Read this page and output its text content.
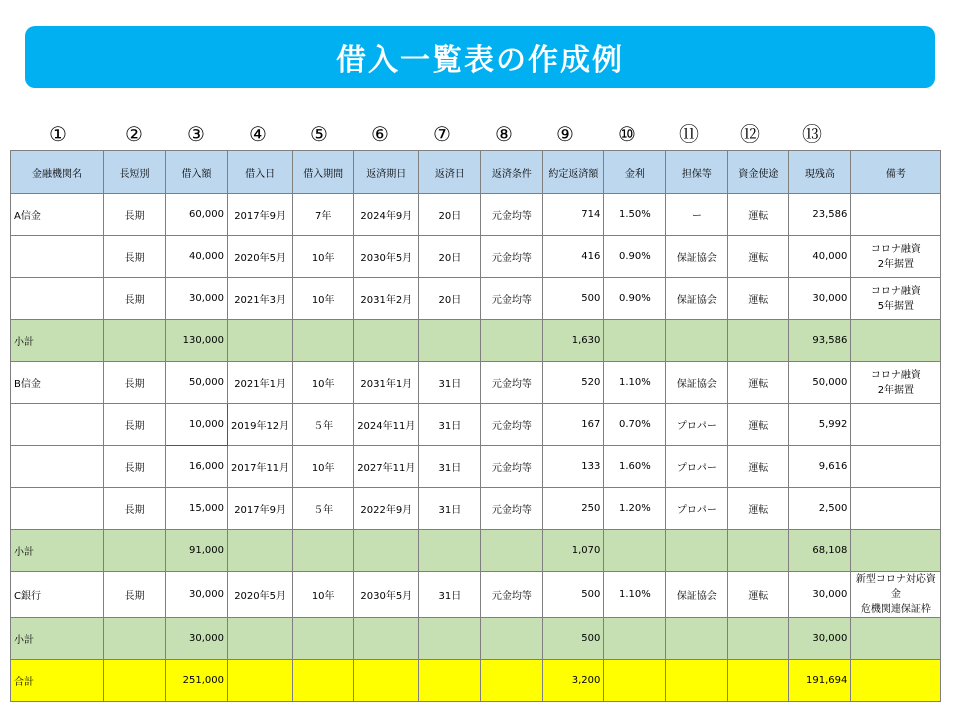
借入一覧表の作成例
①	②	③	④	⑤	⑥	⑦	⑧	⑨	⑩	⑪ ⑫ ⑬
金融機関名	長短別	借入額	借入日	借入期間	返済期日	返済日	返済条件	約定返済額	金利	担保等	資金使途	現残高	備考
A信金	長期	60,000	2017年9月	7年	2024年9月	20日	元金均等	714	1.50%	ー	運転	23,586	
	長期	40,000	2020年5月	10年	2030年5月	20日	元金均等	416	0.90%	保証協会	運転	40,000	コロナ融資
2年据置

	長期	30,000	2021年3月	10年	2031年2月	20日	元金均等	500	0.90%	保証協会	運転	30,000	コロナ融資
5年据置

小計		130,000						1,630				93,586	
B信金	長期	50,000	2021年1月	10年	2031年1月	31日	元金均等	520	1.10%	保証協会	運転	50,000	コロナ融資
2年据置

	長期	10,000	2019年12月	５年	2024年11月	31日	元金均等	167	0.70%	プロパー	運転	5,992	
	長期	16,000	2017年11月	10年	2027年11月	31日	元金均等	133	1.60%	プロパー	運転	9,616	
	長期	15,000	2017年9月	５年	2022年9月	31日	元金均等	250	1.20%	プロパー	運転	2,500	
小計		91,000						1,070				68,108	
C銀行	長期	30,000	2020年5月	10年	2030年5月	31日	元金均等	500	1.10%	保証協会	運転	30,000	新型コロナ対応資金
危機関連保証枠

小計		30,000						500				30,000	
合計		251,000						3,200				191,694	
